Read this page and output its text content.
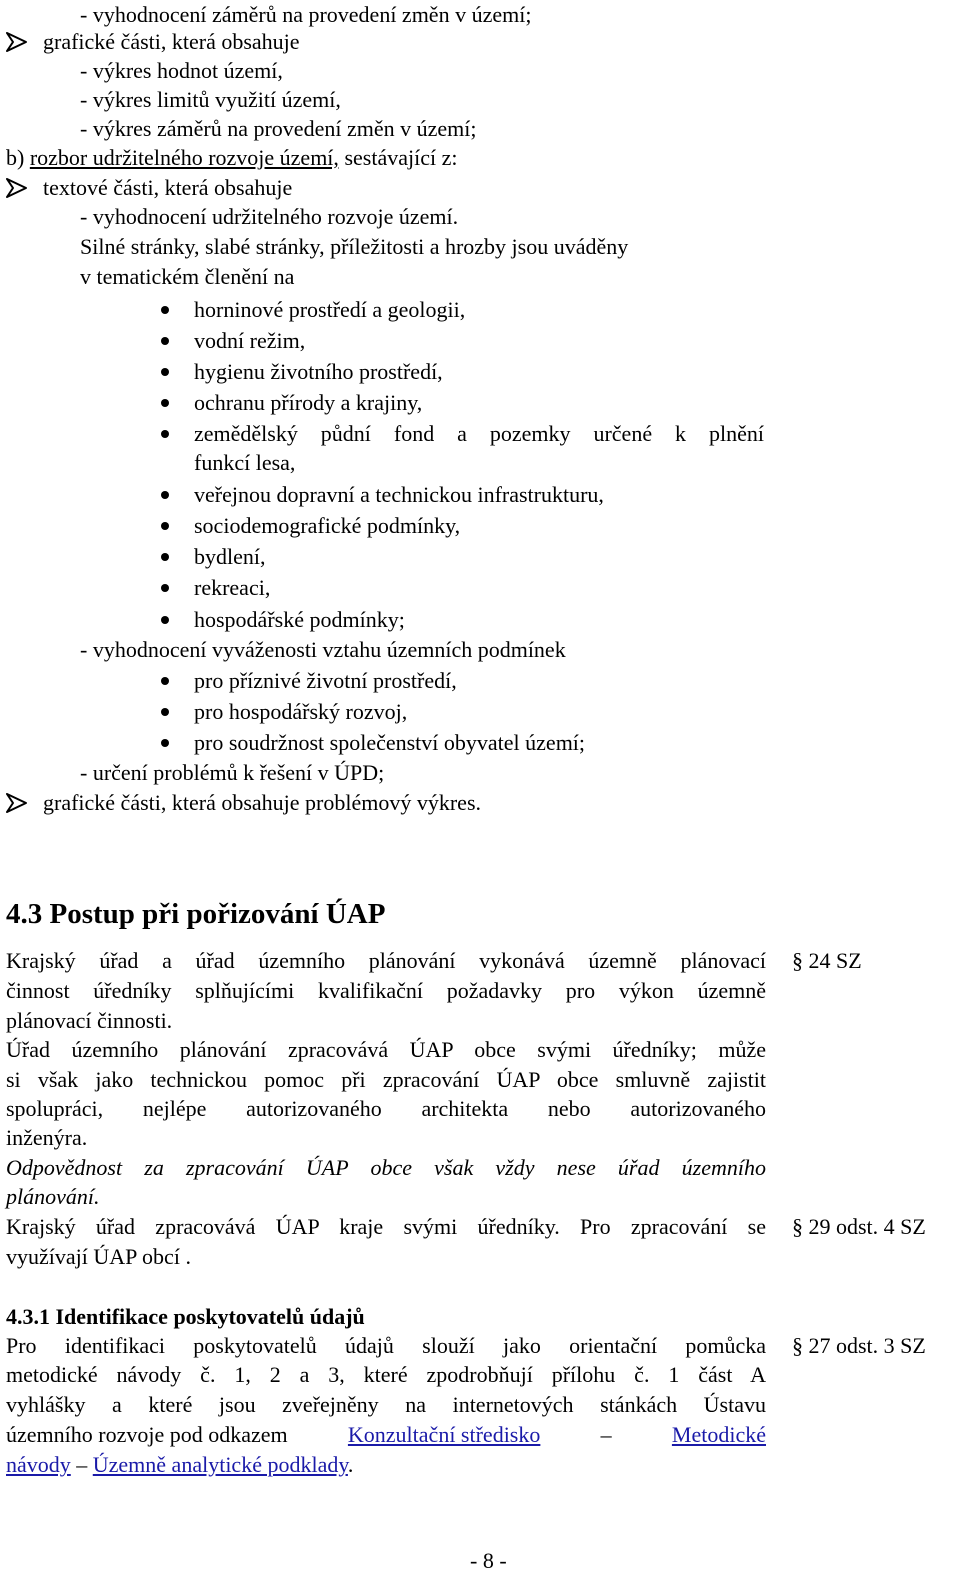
- vyhodnocení záměrů na provedení změn v území;
grafické části, která obsahuje
- výkres hodnot území,
- výkres limitů využití území,
- výkres záměrů na provedení změn v území;
b) rozbor udržitelného rozvoje území, sestávající z:
textové části, která obsahuje
- vyhodnocení udržitelného rozvoje území.
Silné stránky, slabé stránky, příležitosti a hrozby jsou uváděny
v tematickém členění na
horninové prostředí a geologii,
vodní režim,
hygienu životního prostředí,
ochranu přírody a krajiny,
zemědělský půdní fond a pozemky určené k plnění
funkcí lesa,
veřejnou dopravní a technickou infrastrukturu,
sociodemografické podmínky,
bydlení,
rekreaci,
hospodářské podmínky;
- vyhodnocení vyváženosti vztahu územních podmínek
pro příznivé životní prostředí,
pro hospodářský rozvoj,
pro soudržnost společenství obyvatel území;
- určení problémů k řešení v ÚPD;
grafické části, která obsahuje problémový výkres.
4.3 Postup při pořizování ÚAP
Krajský úřad a úřad územního plánování vykonává územně plánovací
činnost úředníky splňujícími kvalifikační požadavky pro výkon územně
plánovací činnosti.
Úřad územního plánování zpracovává ÚAP obce svými úředníky; může
si však jako technickou pomoc při zpracování ÚAP obce smluvně zajistit
spolupráci, nejlépe autorizovaného architekta nebo autorizovaného
inženýra.
Odpovědnost za zpracování ÚAP obce však vždy nese úřad územního
plánování.
Krajský úřad zpracovává ÚAP kraje svými úředníky. Pro zpracování se
využívají ÚAP obcí .
4.3.1 Identifikace poskytovatelů údajů
Pro identifikaci poskytovatelů údajů slouží jako orientační pomůcka
metodické návody č. 1, 2 a 3, které zpodrobňují přílohu č. 1 část A
vyhlášky a které jsou zveřejněny na internetových stánkách Ústavu
územního rozvoje pod odkazem	Konzultační středisko	–	Metodické
návody – Územně analytické podklady.
§ 24 SZ
§ 29 odst. 4 SZ
§ 27 odst. 3 SZ
- 8 -
